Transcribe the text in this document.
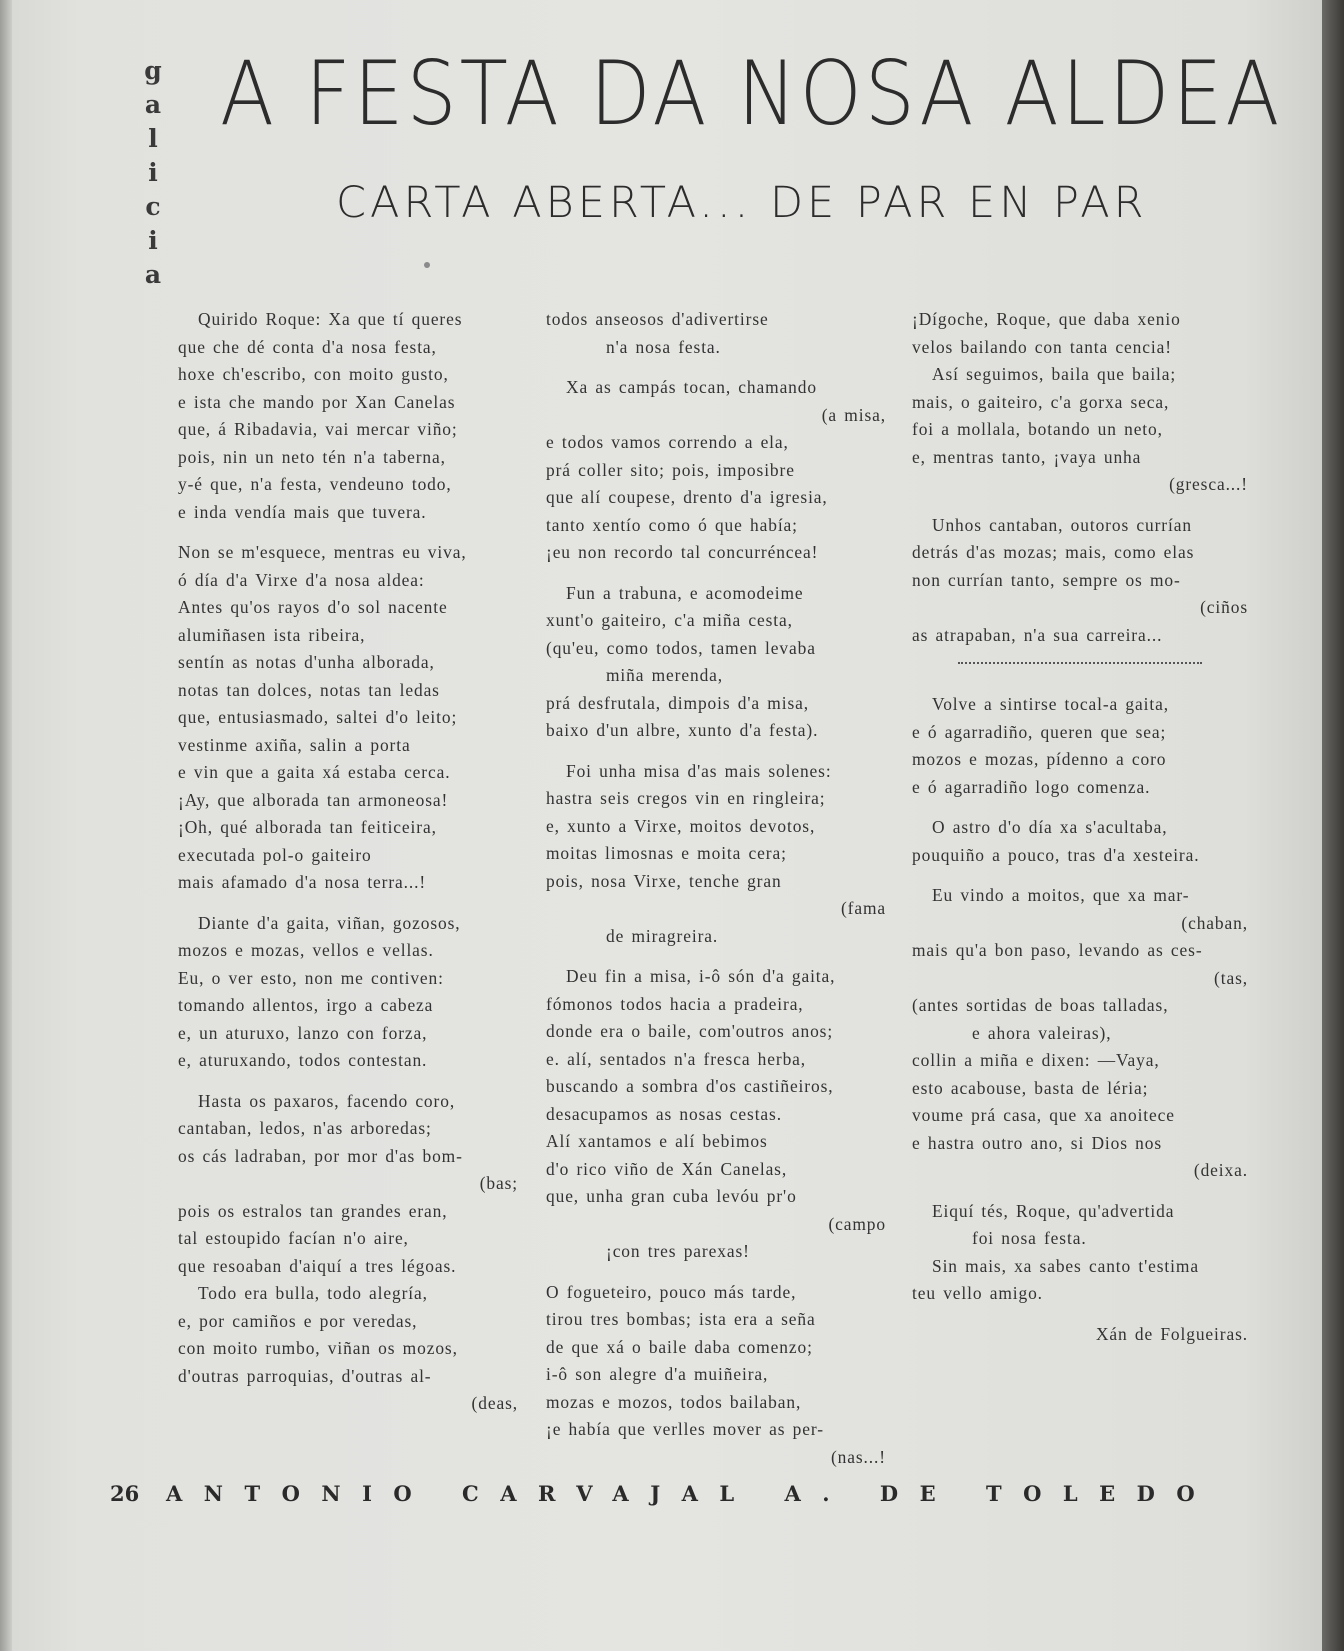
g
a
l
i
c
i
a
A FESTA DA NOSA ALDEA
CARTA ABERTA... DE PAR EN PAR
Quirido Roque: Xa que tí queres
que che dé conta d'a nosa festa,
hoxe ch'escribo, con moito gusto,
e ista che mando por Xan Canelas
que, á Ribadavia, vai mercar viño;
pois, nin un neto tén n'a taberna,
y-é que, n'a festa, vendeuno todo,
e inda vendía mais que tuvera.
Non se m'esquece, mentras eu viva,
ó día d'a Virxe d'a nosa aldea:
Antes qu'os rayos d'o sol nacente
alumiñasen ista ribeira,
sentín as notas d'unha alborada,
notas tan dolces, notas tan ledas
que, entusiasmado, saltei d'o leito;
vestinme axiña, salin a porta
e vin que a gaita xá estaba cerca.
¡Ay, que alborada tan armoneosa!
¡Oh, qué alborada tan feiticeira,
executada pol-o gaiteiro
mais afamado d'a nosa terra...!
Diante d'a gaita, viñan, gozosos,
mozos e mozas, vellos e vellas.
Eu, o ver esto, non me contiven:
tomando allentos, irgo a cabeza
e, un aturuxo, lanzo con forza,
e, aturuxando, todos contestan.
Hasta os paxaros, facendo coro,
cantaban, ledos, n'as arboredas;
os cás ladraban, por mor d'as bom-
(bas;
pois os estralos tan grandes eran,
tal estoupido facían n'o aire,
que resoaban d'aiquí a tres légoas.
Todo era bulla, todo alegría,
e, por camiños e por veredas,
con moito rumbo, viñan os mozos,
d'outras parroquias, d'outras al-
(deas,
todos anseosos d'adivertirse
n'a nosa festa.
Xa as campás tocan, chamando
(a misa,
e todos vamos correndo a ela,
prá coller sito; pois, imposibre
que alí coupese, drento d'a igresia,
tanto xentío como ó que había;
¡eu non recordo tal concurréncea!
Fun a trabuna, e acomodeime
xunt'o gaiteiro, c'a miña cesta,
(qu'eu, como todos, tamen levaba
miña merenda,
prá desfrutala, dimpois d'a misa,
baixo d'un albre, xunto d'a festa).
Foi unha misa d'as mais solenes:
hastra seis cregos vin en ringleira;
e, xunto a Virxe, moitos devotos,
moitas limosnas e moita cera;
pois, nosa Virxe, tenche gran
(fama
de miragreira.
Deu fin a misa, i-ô són d'a gaita,
fómonos todos hacia a pradeira,
donde era o baile, com'outros anos;
e. alí, sentados n'a fresca herba,
buscando a sombra d'os castiñeiros,
desacupamos as nosas cestas.
Alí xantamos e alí bebimos
d'o rico viño de Xán Canelas,
que, unha gran cuba levóu pr'o
(campo
¡con tres parexas!
O fogueteiro, pouco más tarde,
tirou tres bombas; ista era a seña
de que xá o baile daba comenzo;
i-ô son alegre d'a muiñeira,
mozas e mozos, todos bailaban,
¡e había que verlles mover as per-
(nas...!
¡Dígoche, Roque, que daba xenio
velos bailando con tanta cencia!
Así seguimos, baila que baila;
mais, o gaiteiro, c'a gorxa seca,
foi a mollala, botando un neto,
e, mentras tanto, ¡vaya unha
(gresca...!
Unhos cantaban, outoros currían
detrás d'as mozas; mais, como elas
non currían tanto, sempre os mo-
(ciños
as atrapaban, n'a sua carreira...
Volve a sintirse tocal-a gaita,
e ó agarradiño, queren que sea;
mozos e mozas, pídenno a coro
e ó agarradiño logo comenza.
O astro d'o día xa s'acultaba,
pouquiño a pouco, tras d'a xesteira.
Eu vindo a moitos, que xa mar-
(chaban,
mais qu'a bon paso, levando as ces-
(tas,
(antes sortidas de boas talladas,
e ahora valeiras),
collin a miña e dixen: —Vaya,
esto acabouse, basta de léria;
voume prá casa, que xa anoitece
e hastra outro ano, si Dios nos
(deixa.
Eiquí tés, Roque, qu'advertida
foi nosa festa.
Sin mais, xa sabes canto t'estima
teu vello amigo.
Xán de Folgueiras.
26 ANTONIO CARVAJAL A. DE TOLEDO
